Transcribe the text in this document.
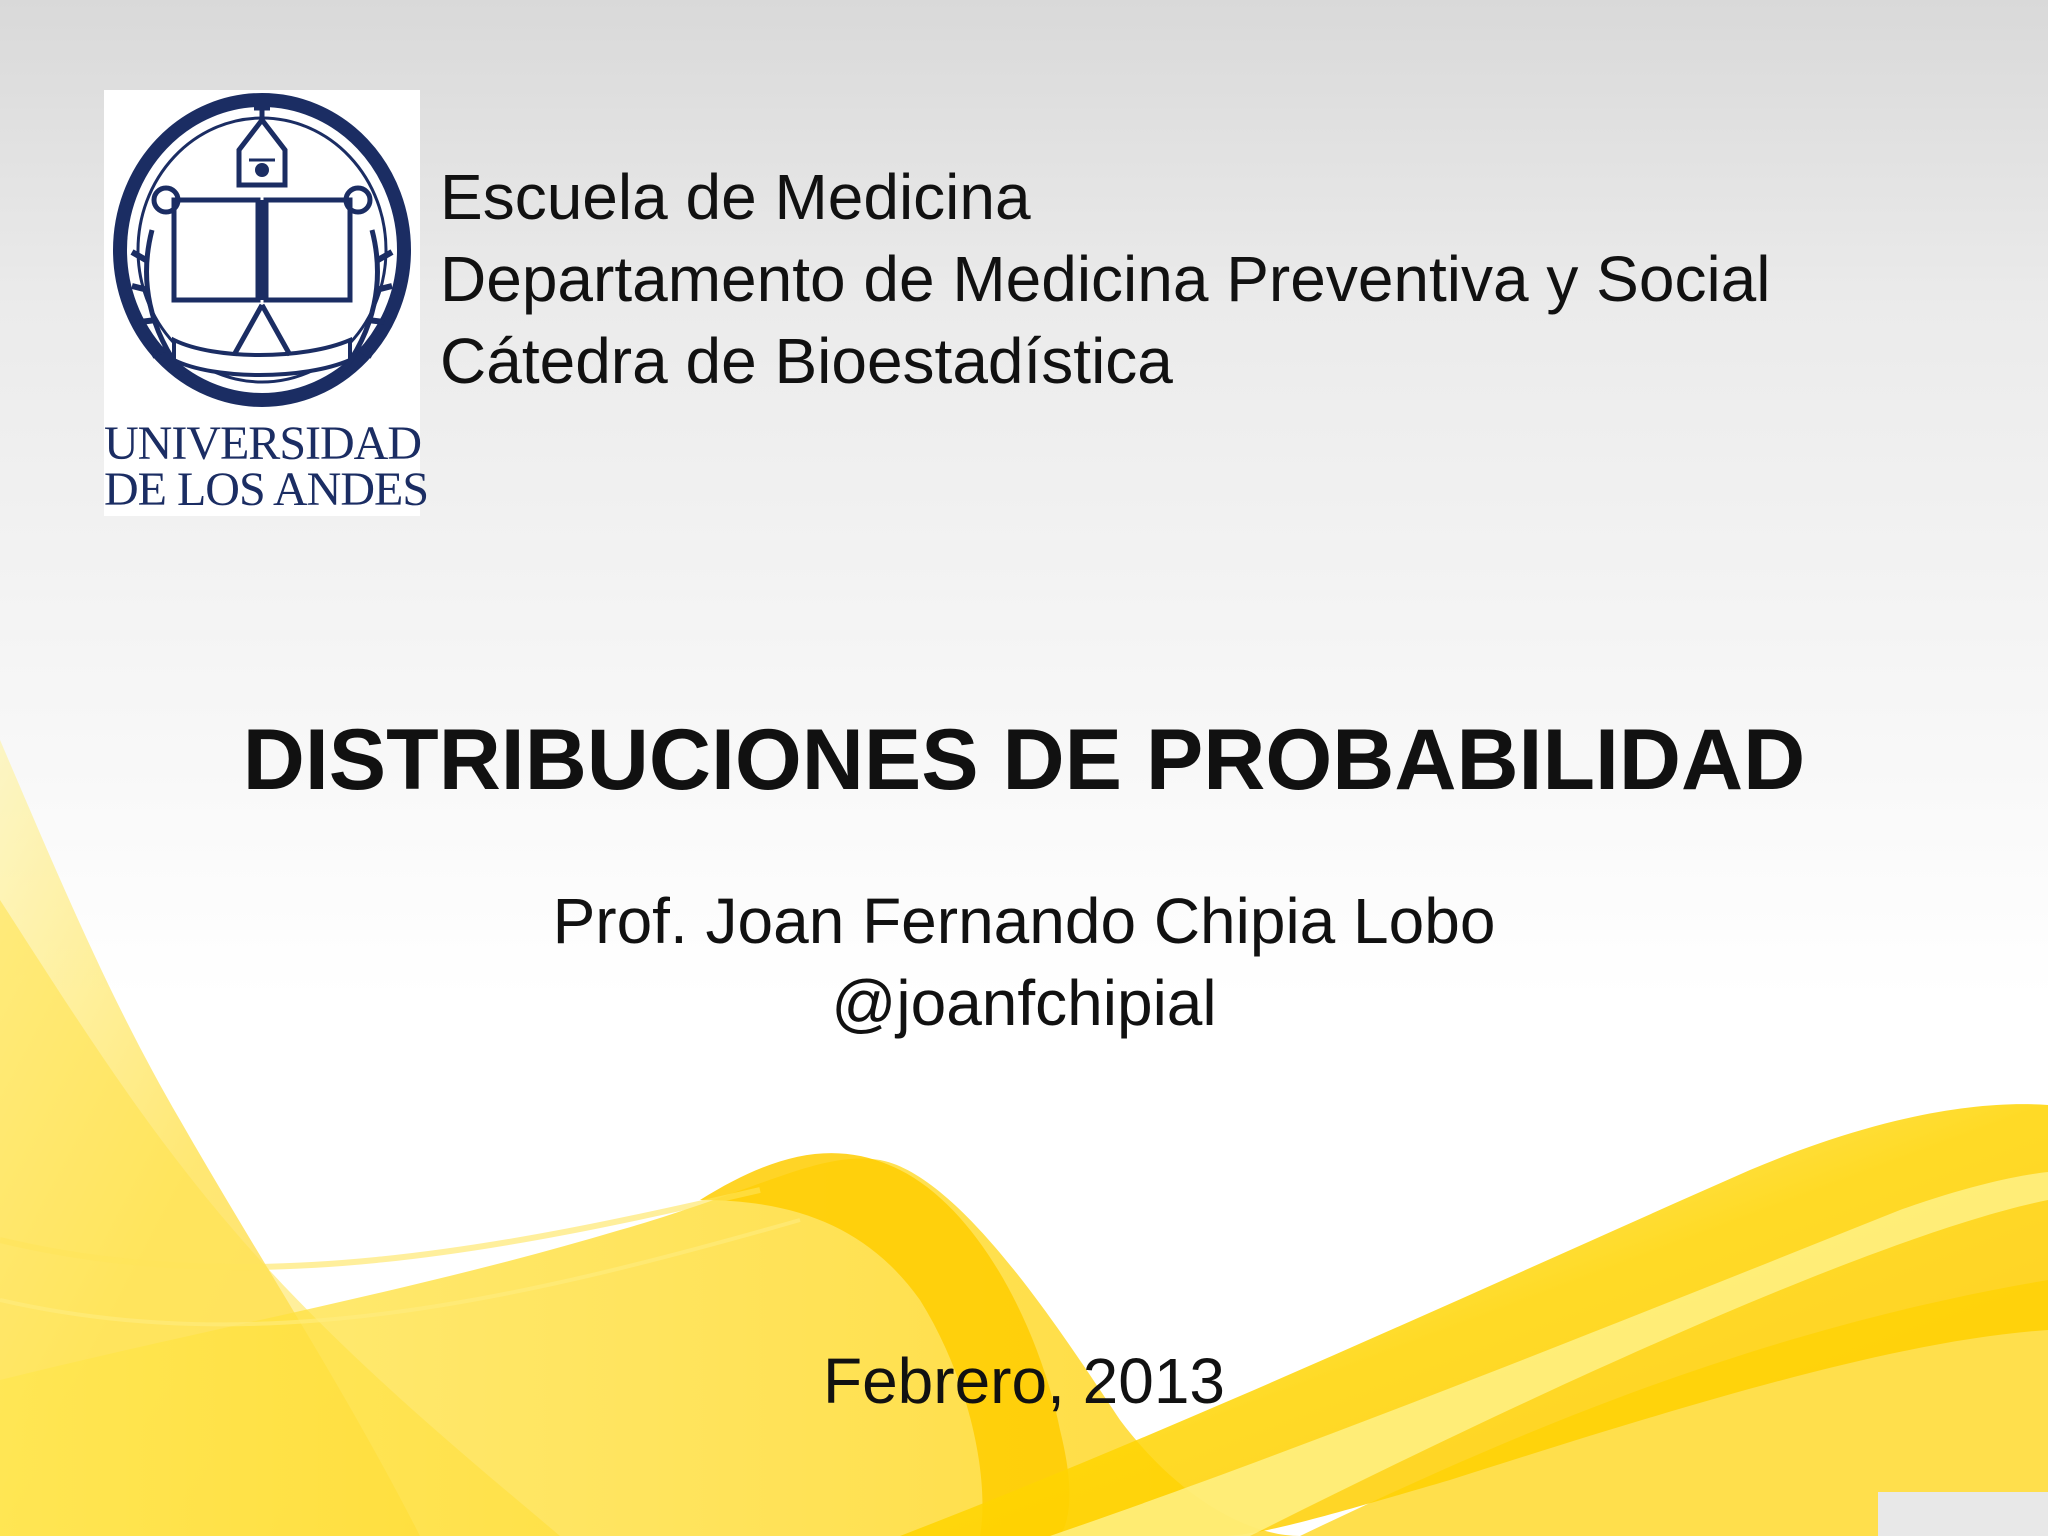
UNIVERSIDAD
DE LOS ANDES
Escuela de Medicina
Departamento de Medicina Preventiva y Social
Cátedra de Bioestadística
DISTRIBUCIONES DE PROBABILIDAD
Prof. Joan Fernando Chipia Lobo
@joanfchipial
Febrero, 2013
